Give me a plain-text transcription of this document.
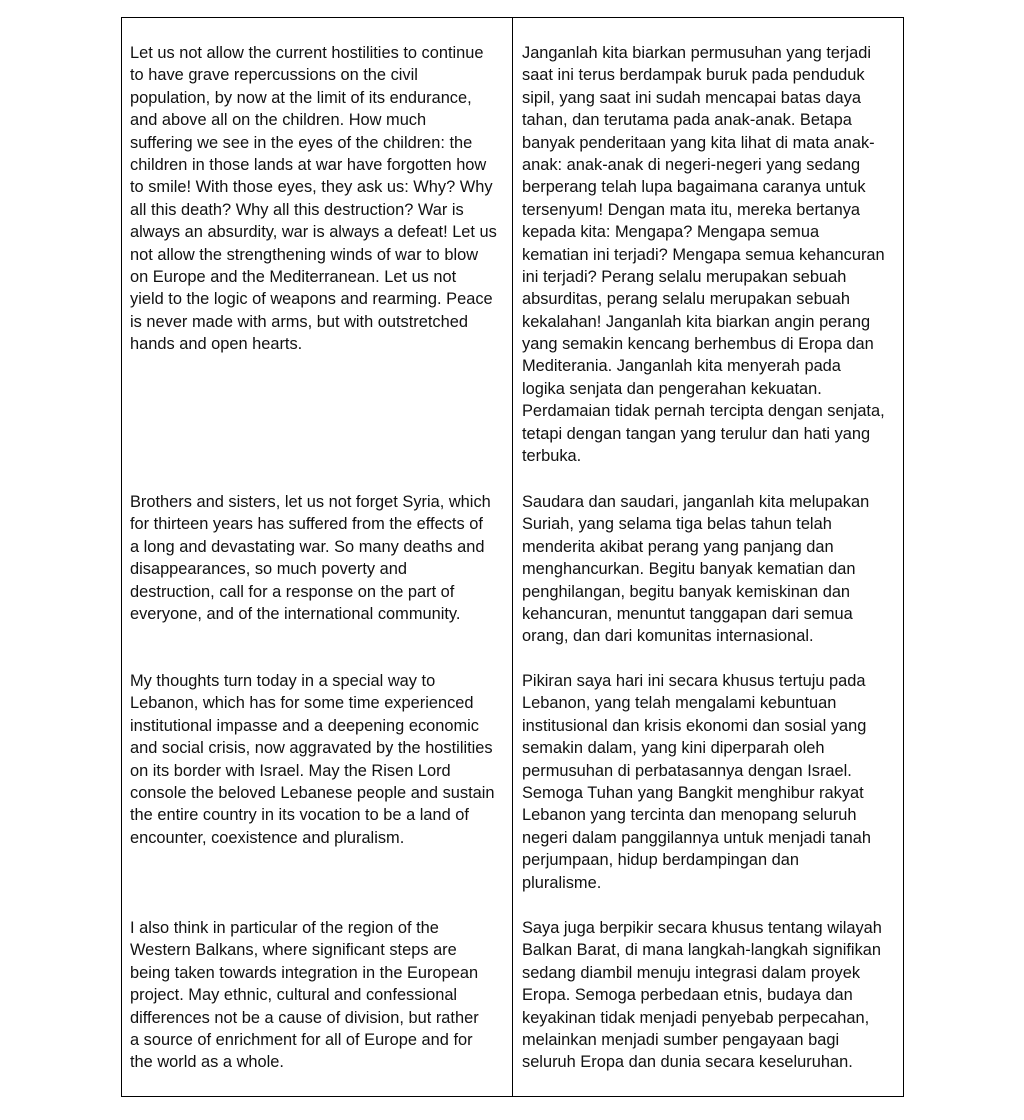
Let us not allow the current hostilities to continue
to have grave repercussions on the civil
population, by now at the limit of its endurance,
and above all on the children. How much
suffering we see in the eyes of the children: the
children in those lands at war have forgotten how
to smile! With those eyes, they ask us: Why? Why
all this death? Why all this destruction? War is
always an absurdity, war is always a defeat! Let us
not allow the strengthening winds of war to blow
on Europe and the Mediterranean. Let us not
yield to the logic of weapons and rearming. Peace
is never made with arms, but with outstretched
hands and open hearts.

Janganlah kita biarkan permusuhan yang terjadi
saat ini terus berdampak buruk pada penduduk
sipil, yang saat ini sudah mencapai batas daya
tahan, dan terutama pada anak-anak. Betapa
banyak penderitaan yang kita lihat di mata anak-
anak: anak-anak di negeri-negeri yang sedang
berperang telah lupa bagaimana caranya untuk
tersenyum! Dengan mata itu, mereka bertanya
kepada kita: Mengapa? Mengapa semua
kematian ini terjadi? Mengapa semua kehancuran
ini terjadi? Perang selalu merupakan sebuah
absurditas, perang selalu merupakan sebuah
kekalahan! Janganlah kita biarkan angin perang
yang semakin kencang berhembus di Eropa dan
Mediterania. Janganlah kita menyerah pada
logika senjata dan pengerahan kekuatan.
Perdamaian tidak pernah tercipta dengan senjata,
tetapi dengan tangan yang terulur dan hati yang
terbuka.

Brothers and sisters, let us not forget Syria, which
for thirteen years has suffered from the effects of
a long and devastating war. So many deaths and
disappearances, so much poverty and
destruction, call for a response on the part of
everyone, and of the international community.

Saudara dan saudari, janganlah kita melupakan
Suriah, yang selama tiga belas tahun telah
menderita akibat perang yang panjang dan
menghancurkan. Begitu banyak kematian dan
penghilangan, begitu banyak kemiskinan dan
kehancuran, menuntut tanggapan dari semua
orang, dan dari komunitas internasional.

My thoughts turn today in a special way to
Lebanon, which has for some time experienced
institutional impasse and a deepening economic
and social crisis, now aggravated by the hostilities
on its border with Israel. May the Risen Lord
console the beloved Lebanese people and sustain
the entire country in its vocation to be a land of
encounter, coexistence and pluralism.

Pikiran saya hari ini secara khusus tertuju pada
Lebanon, yang telah mengalami kebuntuan
institusional dan krisis ekonomi dan sosial yang
semakin dalam, yang kini diperparah oleh
permusuhan di perbatasannya dengan Israel.
Semoga Tuhan yang Bangkit menghibur rakyat
Lebanon yang tercinta dan menopang seluruh
negeri dalam panggilannya untuk menjadi tanah
perjumpaan, hidup berdampingan dan
pluralisme.

I also think in particular of the region of the
Western Balkans, where significant steps are
being taken towards integration in the European
project. May ethnic, cultural and confessional
differences not be a cause of division, but rather
a source of enrichment for all of Europe and for
the world as a whole.

Saya juga berpikir secara khusus tentang wilayah
Balkan Barat, di mana langkah-langkah signifikan
sedang diambil menuju integrasi dalam proyek
Eropa. Semoga perbedaan etnis, budaya dan
keyakinan tidak menjadi penyebab perpecahan,
melainkan menjadi sumber pengayaan bagi
seluruh Eropa dan dunia secara keseluruhan.
